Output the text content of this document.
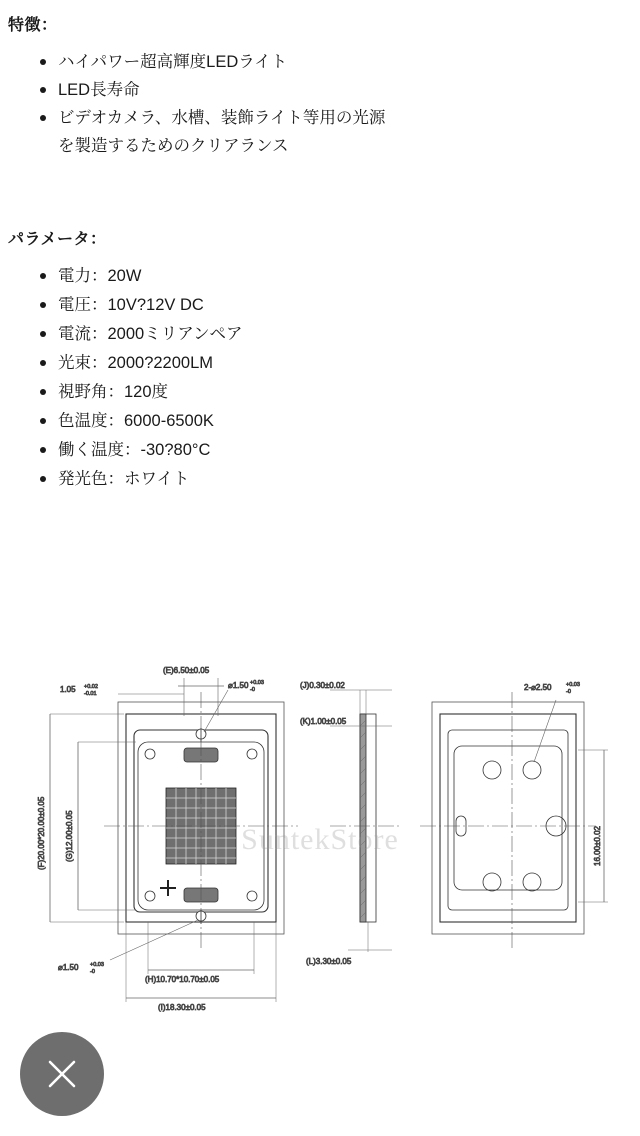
特徴：
ハイパワー超高輝度LEDライト
LED長寿命
ビデオカメラ、水槽、装飾ライト等用の光源を製造するためのクリアランス
パラメータ：
電力：20W
電圧：10V?12V DC
電流：2000ミリアンペア
光束：2000?2200LM
視野角：120度
色温度：6000-6500K
働く温度：-30?80°C
発光色：ホワイト
(E)6.50±0.05
⌀1.50 +0.03
-0
1.05 +0.02
-0.01
(F)20.00*20.00±0.05 (G)12.00±0.05
(H)10.70*10.70±0.05
(I)18.30±0.05
⌀1.50 +0.03
-0
(J)0.30±0.02
(K)1.00±0.05
(L)3.30±0.05
2-⌀2.50	+0.03
-0
16.00±0.02
SuntekStore
